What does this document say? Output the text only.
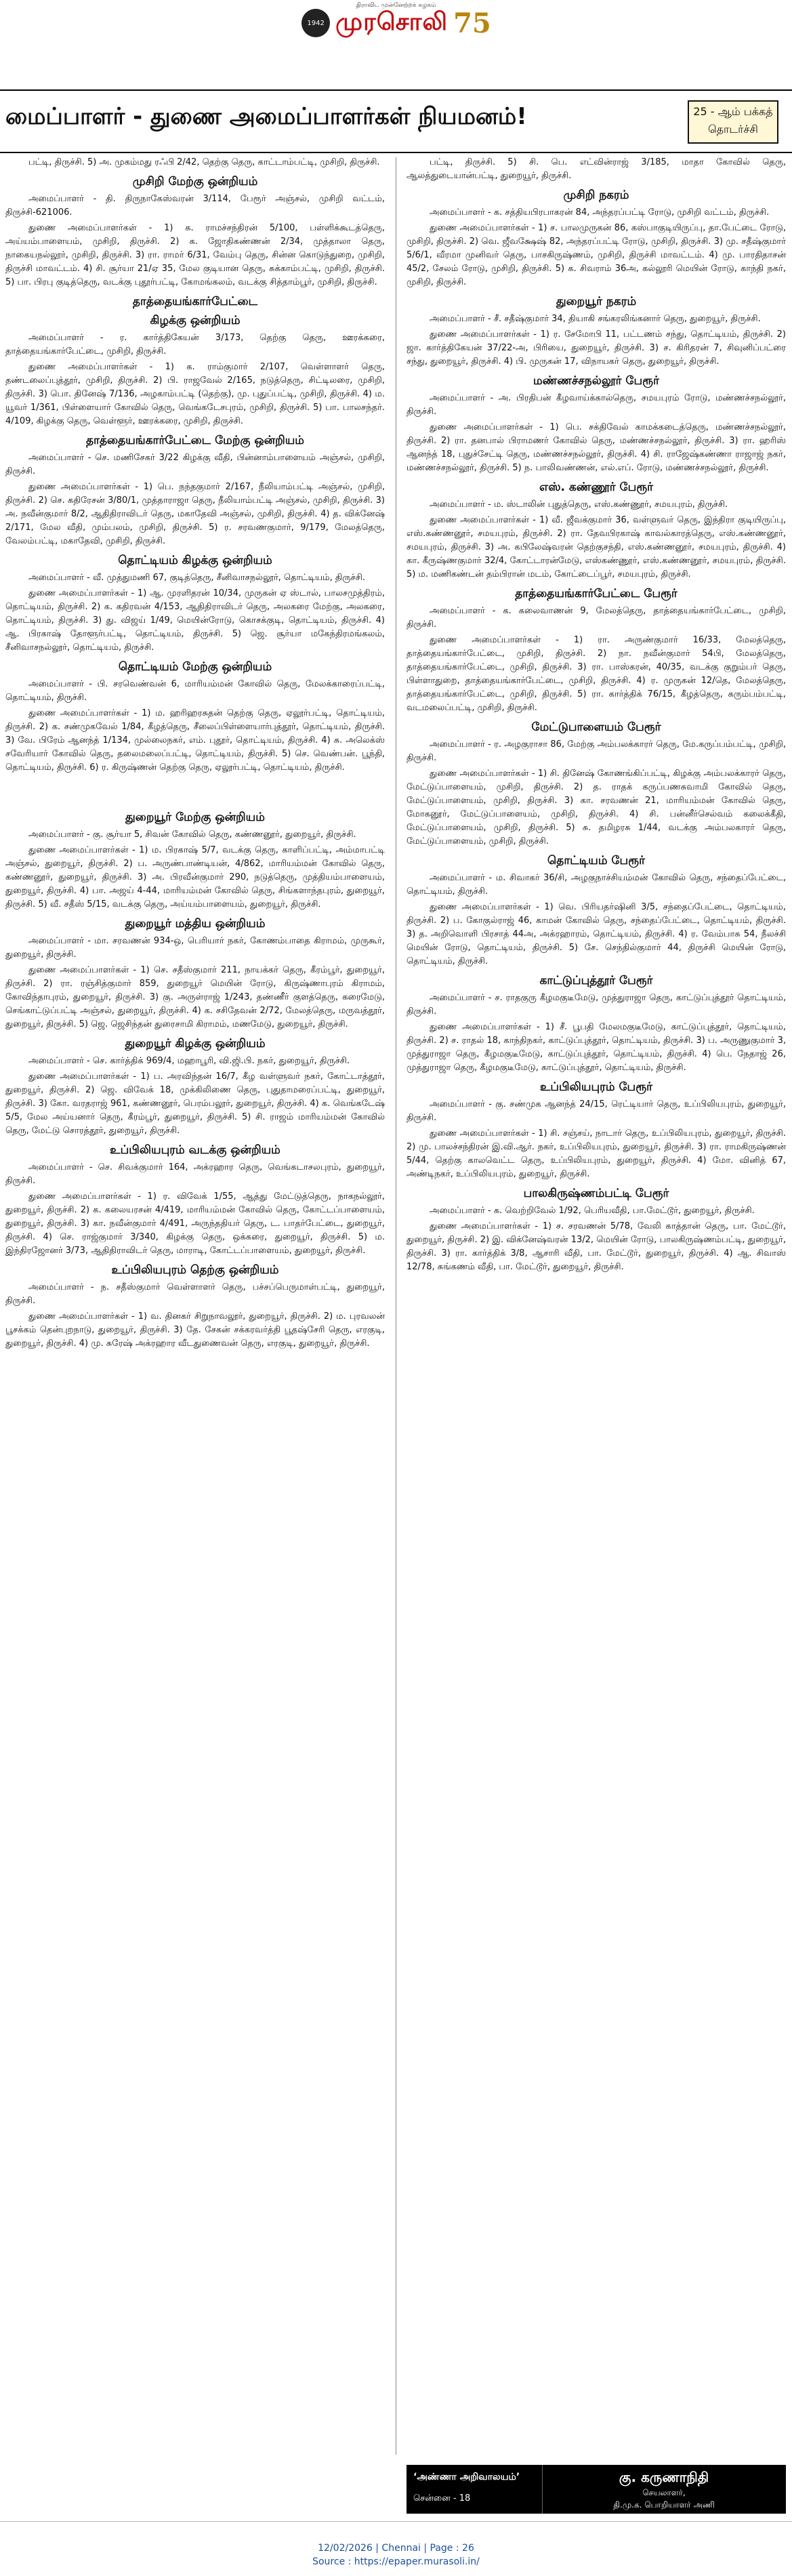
திராவிட முன்னேற்றக் கழகம்
1942 முரசொலி 75
மைப்பாளர் - துணை அமைப்பாளர்கள் நியமனம்!	25 - ஆம் பக்கத்
தொடர்ச்சி

பட்டி, திருச்சி. 5) அ. முகம்மது ரஃபி 2/42, தெற்கு தெரு, காட்டாம்பட்டி, முசிறி, திருச்சி.

முசிறி மேற்கு ஒன்றியம்

அமைப்பாளர் - தி. திருநாகேஸ்வரன் 3/114, பேரூர் அஞ்சல், முசிறி வட்டம், திருச்சி-621006.

துணை அமைப்பாளர்கள் - 1) க. ராமச்சந்திரன் 5/100, பள்ளிக்கூடத்தெரு, அய்யம்பாளையம், முசிறி, திருச்சி. 2) க. ஜோதிகண்ணன் 2/34, முத்தாலா தெரு, நாகையநல்லூர், முசிறி, திருச்சி. 3) ரா. ராமர் 6/31, வேம்பு தெரு, சின்ன கொடுந்துறை, முசிறி, திருச்சி மாவட்டம். 4) சி. சூர்யா 21/ஏ 35, மேல குடியான தெரு, சுக்காம்பட்டி, முசிறி, திருச்சி. 5) பா. பிரபு குடித்தெரு, வடக்கு புதூர்பட்டி, கோமங்கலம், வடக்கு சித்தாம்பூர், முசிறி, திருச்சி.

தாத்தையங்கார்பேட்டை
கிழக்கு ஒன்றியம்

அமைப்பாளர் - ர. கார்த்திகேயன் 3/173, தெற்கு தெரு, ஊரக்கரை, தாத்தையங்கார்பேட்டை, முசிறி, திருச்சி.

துணை அமைப்பாளர்கள் - 1) க. ராம்குமார் 2/107, வெள்ளாளர் தெரு, தண்டலைப்புத்தூர், முசிறி, திருச்சி. 2) பி. ராஜவேல் 2/165, நடுத்தெரு, சிட்டிலரை, முசிறி, திருச்சி. 3) பொ. தினேஷ் 7/136, அழகாம்பட்டி (தெற்கு), மு. புதுப்பட்டி, முசிறி, திருச்சி. 4) ம. யூவர் 1/361, பிள்ளையார் கோவில் தெரு, வெங்கடேசபுரம், முசிறி, திருச்சி. 5) பா. பாலசந்தர். 4/109, கிழக்கு தெரு, வெள்ளூர், ஊரக்கரை, முசிறி, திருச்சி.

தாத்தையங்கார்பேட்டை மேற்கு ஒன்றியம்

அமைப்பாளர் - செ. மணிசேகர் 3/22 கிழக்கு வீதி, பின்னாம்பாளையம் அஞ்சல், முசிறி, திருச்சி.

துணை அமைப்பாளர்கள் - 1) பெ. நந்தகுமார் 2/167, நீலியாம்பட்டி அஞ்சல், முசிறி, திருச்சி. 2) செ. கதிரேசன் 3/80/1, முத்தாராஜா தெரு, நீலியாம்பட்டி அஞ்சல், முசிறி, திருச்சி. 3) அ. நவீன்குமார் 8/2, ஆதிதிராவிடர் தெரு, மகாதேவி அஞ்சல், முசிறி, திருச்சி. 4) த. விக்னேஷ் 2/171, மேல வீதி, மும்பலம், முசிறி, திருச்சி. 5) ர. சரவணகுமார், 9/179, மேலத்தெரு, வேலம்பட்டி, மகாதேவி, முசிறி, திருச்சி.

தொட்டியம் கிழக்கு ஒன்றியம்

அமைப்பாளர் - வீ. முத்துமணி 67, குடித்தெரு, சீனிவாசநல்லூர், தொட்டியம், திருச்சி.

துணை அமைப்பாளர்கள் - 1) ஆ. முரளிதரன் 10/34, முருகன் ஏ ஸ்டால், பாலசமுத்திரம், தொட்டியம், திருச்சி. 2) க. கதிரவன் 4/153, ஆதிதிராவிடர் தெரு, அலகரை மேற்கு, அலகரை, தொட்டியம், திருச்சி. 3) து. விஜய் 1/49, மெயின்ரோடு, கொசக்குடி, தொட்டியம், திருச்சி. 4) ஆ. பிரகாஷ் தோளூர்பட்டி, தொட்டியம், திருச்சி. 5) ஜெ. சூர்யா மகேந்திரமங்கலம், சீனிவாசநல்லூர், தொட்டியம், திருச்சி.

தொட்டியம் மேற்கு ஒன்றியம்

அமைப்பாளர் - பி. சரவெண்வன் 6, மாரியம்மன் கோவில் தெரு, மேலக்காரைப்பட்டி, தொட்டியம், திருச்சி.

துணை அமைப்பாளர்கள் - 1) ம. ஹரிஹரசுதன் தெற்கு தெரு, ஏலூர்பட்டி, தொட்டியம், திருச்சி. 2) க. சண்முகவேல் 1/84, கீழத்தெரு, சீலைப்பிள்ளையார்புத்தூர், தொட்டியம், திருச்சி. 3) வே. பிரேம் ஆனந்த் 1/134, முல்லைநகர், எம். புதூர், தொட்டியம், திருச்சி. 4) சு. அலெக்ஸ் சவேரியார் கோவில் தெரு, தலைமலைப்பட்டி, தொட்டியம், திருச்சி. 5) செ. வெண்பன். பூந்தி, தொட்டியம், திருச்சி. 6) ர. கிருஷ்ணன் தெற்கு தெரு, ஏலூர்பட்டி, தொட்டியம், திருச்சி.

துறையூர் மேற்கு ஒன்றியம்

அமைப்பாளர் - கு. சூர்யா 5, சிவன் கோவில் தெரு, கண்ணனூர், துறையூர், திருச்சி.

துணை அமைப்பாளர்கள் - 1) ம. பிரகாஷ் 5/7, வடக்கு தெரு, காளிப்பட்டி, அம்மாபட்டி அஞ்சல், துறையூர், திருச்சி. 2) ப. அருண்பாண்டியன், 4/862, மாரியம்மன் கோவில் தெரு, கண்ணனூர், துறையூர், திருச்சி. 3) அ. பிரவீன்குமார் 290, நடுத்தெரு, முத்தியம்பாளையம், துறையூர், திருச்சி. 4) பா. அஜய் 4-44, மாரியம்மன் கோவில் தெரு, சிங்களாந்தபுரம், துறையூர், திருச்சி. 5) வீ. சதீஸ் 5/15, வடக்கு தெரு, அய்யம்பாளையம், துறையூர், திருச்சி.

துறையூர் மத்திய ஒன்றியம்

அமைப்பாளர் - மா. சரவணன் 934-ஒ, பெரியார் நகர், கோணம்பாதை கிராமம், முருகூர், துறையூர், திருச்சி.

துணை அமைப்பாளர்கள் - 1) செ. சதீஸ்குமார் 211, நாயக்கர் தெரு, கீரம்பூர், துறையூர், திருச்சி. 2) ரா. ரஞ்சித்குமார் 859, துறையூர் மெயின் ரோடு, கிருஷ்ணாபுரம் கிராமம், கோவிந்தாபுரம், துறையூர், திருச்சி. 3) கு. அருள்ராஜ் 1/243, தண்ணீர் குளத்தெரு, கரைமேடு, செங்காட்டுப்பட்டி அஞ்சல், துறையூர், திருச்சி. 4) க. சசிதேவன் 2/72, மேலத்தெரு, மருவத்தூர், துறையூர், திருச்சி. 5) ஜெ. ஜெசிந்தன் துரைசாமி கிராமம், மணமேடு, துறையூர், திருச்சி.

துறையூர் கிழக்கு ஒன்றியம்

அமைப்பாளர் - செ. கார்த்திக் 969/4, மஹாபூரி, வி.ஜி.பி. நகர், துறையூர், திருச்சி.

துணை அமைப்பாளர்கள் - 1) ப. அரவிந்தன் 16/7, கீழ வள்ளுவர் நகர், கோட்டாத்தூர், துறையூர், திருச்சி. 2) ஜெ. விவேக் 18, முக்கிலிணை தெரு, புதுதாமரைப்பட்டி, துறையூர், திருச்சி. 3) கோ. வரதராஜ் 961, கண்ணனூர், பெரம்பலூர், துறையூர், திருச்சி. 4) க. வெங்கடேஷ் 5/5, மேல அய்யனார் தெரு, கீரம்பூர், துறையூர், திருச்சி. 5) சி. ராஜம் மாரியம்மன் கோவில் தெரு, மேட்டு சொரத்தூர், துறையூர், திருச்சி.

உப்பிலியபுரம் வடக்கு ஒன்றியம்

அமைப்பாளர் - செ. சிவக்குமார் 164, அக்ரஹார தெரு, வெங்கடாசலபுரம், துறையூர், திருச்சி.

துணை அமைப்பாளர்கள் - 1) ர. விவேக் 1/55, ஆத்து மேட்டுத்தெரு, நாகநல்லூர், துறையூர், திருச்சி. 2) க. கலையரசன் 4/419, மாரியம்மன் கோவில் தெரு, கோட்டப்பாளையம், துறையூர், திருச்சி. 3) கா. நவீன்குமார் 4/491, அருந்ததியர் தெரு, ட. பாதர்பேட்டை, துறையூர், திருச்சி. 4) செ. ராஜ்குமார் 3/340, கிழக்கு தெரு, ஒக்கரை, துறையூர், திருச்சி. 5) ம. இந்திரஜோனர் 3/73, ஆதிதிராவிடர் தெரு, மாராடி, கோட்டப்பாளையம், துறையூர், திருச்சி.

உப்பிலியபுரம் தெற்கு ஒன்றியம்

அமைப்பாளர் - ந. சதீஸ்குமார் வெள்ளாளர் தெரு, பச்சப்பெருமாள்பட்டி, துறையூர், திருச்சி.

துணை அமைப்பாளர்கள் - 1) வ. தினகர் சிறுநாவலூர், துறையூர், திருச்சி. 2) ம. புரவலன் பூசக்கம் தென்புறநாடு, துறையூர், திருச்சி. 3) தே. சேகன் சக்கரவர்த்தி பூதஷ்சேரி தெரு, எரகுடி, துறையூர், திருச்சி. 4) மு. சுரேஷ் அக்ரஹார வீடதுணைவன் தெரு, எரகுடி, துறையூர், திருச்சி.

பட்டி, திருச்சி. 5) சி. பெ. எட்வின்ராஜ் 3/185, மாதா கோவில் தெரு, ஆலத்துடையான்பட்டி, துறையூர், திருச்சி.

முசிறி நகரம்

அமைப்பாளர் - க. சத்தியபிரபாகரன் 84, அந்தரப்பட்டி ரோடு, முசிறி வட்டம், திருச்சி.

துணை அமைப்பாளர்கள் - 1) ச. பாலமுருகன் 86, கஸ்பாகுடியிருப்பு, தா.பேட்டை ரோடு, முசிறி, திருச்சி. 2) வெ. ஜீவக்ஷேஷ் 82, அந்தரப்பட்டி ரோடு, முசிறி, திருச்சி. 3) மு. சதீஷ்குமார் 5/6/1, வீரமா முனிவர் தெரு, பாசகிருஷ்ணம், முசிறி, திருச்சி மாவட்டம். 4) மு. பாரதிதாசன் 45/2, சேலம் ரோடு, முசிறி, திருச்சி. 5) க. சிவராம் 36அ, கல்லூரி மெயின் ரோடு, காந்தி நகர், முசிறி, திருச்சி.

துறையூர் நகரம்

அமைப்பாளர் - சீ. சதீஷ்குமார் 34, தியாகி சங்கரலிங்கனார் தெரு, துறையூர், திருச்சி.

துணை அமைப்பாளர்கள் - 1) ர. சேமோபி 11, பட்டணம் சந்து, தொட்டியம், திருச்சி. 2) ஜா. கார்த்திகேயன் 37/22-அ, பிரியை, துறையூர், திருச்சி. 3) ச. கிரிதரன் 7, சிவுனிப்பட்ரை சந்து, துறையூர், திருச்சி. 4) பி. முருகன் 17, விநாயகர் தெரு, துறையூர், திருச்சி.

மண்ணச்சநல்லூர் பேரூர்

அமைப்பாளர் - அ. பிரதிபன் கீழவாய்க்கால்தெரு, சமயபுரம் ரோடு, மண்ணச்சநல்லூர், திருச்சி.

துணை அமைப்பாளர்கள் - 1) பெ. சக்திவேல் காமக்கடைத்தெரு, மண்ணச்சநல்லூர், திருச்சி. 2) ரா. தனபால் பிராமணர் கோவில் தெரு, மண்ணச்சநல்லூர், திருச்சி. 3) ரா. ஹரிஸ் ஆனந்த் 18, புதுச்சேட்டி தெரு, மண்ணச்சநல்லூர், திருச்சி. 4) சி. ராஜேஷ்கண்ணா ராஜாஜ் நகர், மண்ணச்சநல்லூர், திருச்சி. 5) ந. பாலிவண்ணன், எல்.எப். ரோடு, மண்ணச்சநல்லூர், திருச்சி.

எஸ். கண்ணூர் பேரூர்

அமைப்பாளர் - ம. ஸ்டாலின் புதுத்தெரு, எஸ்.கண்ணூர், சமயபுரம், திருச்சி.

துணை அமைப்பாளர்கள் - 1) வீ. ஜீவக்குமார் 36, வள்ளுவர் தெரு, இந்திரா குடியிருப்பு, எஸ்.கண்ணனூர், சமயபுரம், திருச்சி. 2) ரா. தேவபிரகாஷ் காவல்காரத்தெரு, எஸ்.கண்ணனூர், சமயபுரம், திருச்சி. 3) அ. கபிலேஷ்வரன் தெற்குசந்தி, எஸ்.கண்ணனூர், சமயபுரம், திருச்சி. 4) கா. கீருஷ்ணகுமார் 32/4, கோட்டாரன்மேடு, எஸ்கண்ணூர், எஸ்.கண்ணனூர், சமயபுரம், திருச்சி. 5) ம. மணிகண்டன் தம்பிரான் மடம், கோட்டைப்பூர், சமயபுரம், திருச்சி.

தாத்தையங்கார்பேட்டை பேரூர்

அமைப்பாளர் - க. கலைவாணன் 9, மேலத்தெரு, தாத்தையங்கார்பேட்டை, முசிறி, திருச்சி.

துணை அமைப்பாளர்கள் - 1) ரா. அருண்குமார் 16/33, மேலத்தெரு, தாத்தையங்கார்பேட்டை, முசிறி, திருச்சி. 2) நா. நவீன்குமார் 54பி, மேலத்தெரு, தாத்தையங்கார்பேட்டை, முசிறி, திருச்சி. 3) ரா. பாஸ்கரன், 40/35, வடக்கு குறும்பர் தெரு, பிள்ளாதுறை, தாத்தையங்கார்பேட்டை, முசிறி, திருச்சி. 4) ர. முருகன் 12/தெ, மேலத்தெரு, தாத்தையங்கார்பேட்டை, முசிறி, திருச்சி. 5) ரா. கார்த்திக் 76/15, கீழத்தெரு, கரும்பம்பட்டி, வடமலைப்பட்டி, முசிறி, திருச்சி.

மேட்டுபாளையம் பேரூர்

அமைப்பாளர் - ர. அழகுராசா 86, மேற்கு அம்பலக்காரர் தெரு, மே.கருப்பம்பட்டி, முசிறி, திருச்சி.

துணை அமைப்பாளர்கள் - 1) சி. தினேஷ் கோணங்கிப்பட்டி, கிழக்கு அம்பலக்காரர் தெரு, மேட்டுப்பாளையம், முசிறி, திருச்சி. 2) த. ராதக் கருப்பணசுவாமி கோவில் தெரு, மேட்டுப்பாளையம், முசிறி, திருச்சி. 3) கா. சரவணன் 21, மாரியம்மன் கோவில் தெரு, மோகனூர், மேட்டுப்பாளையம், முசிறி, திருச்சி. 4) சி. பன்னீர்செல்வம் கலைக்கீதி, மேட்டுப்பாளையம், முசிறி, திருச்சி. 5) சு. தமிழரசு 1/44, வடக்கு அம்பலகாரர் தெரு, மேட்டுப்பாளையம், முசிறி, திருச்சி.

தொட்டியம் பேரூர்

அமைப்பாளர் - ம. சிவாகர் 36/சி, அழகுநாச்சியம்மன் கோவில் தெரு, சந்தைப்பேட்டை, தொட்டியம், திருச்சி.

துணை அமைப்பாளர்கள் - 1) வெ. பிரியதர்ஷினி 3/5, சந்தைப்பேட்டை, தொட்டியம், திருச்சி. 2) ப. கோகுல்ராஜ் 46, காமன் கோவில் தெரு, சந்தைப்பேட்டை, தொட்டியம், திருச்சி. 3) த. அறிவொளி பிரசாத் 44அ, அக்ரஹாரம், தொட்டியம், திருச்சி. 4) ர. வேம்பாசு 54, நீலச்சி மெயின் ரோடு, தொட்டியம், திருச்சி. 5) சே. செந்தில்குமார் 44, திருச்சி மெயின் ரோடு, தொட்டியம், திருச்சி.

காட்டுப்புத்தூர் பேரூர்

அமைப்பாளர் - ச. ராதகுரு கீழமகுடீமேடு, முத்துராஜா தெரு, காட்டுப்புத்தூர் தொட்டியம், திருச்சி.

துணை அமைப்பாளர்கள் - 1) சீ. பூபதி மேலமகுடீமேடு, காட்டுப்புத்தூர், தொட்டியம், திருச்சி. 2) ச. ராதல் 18, காந்திநகர், காட்டுப்புத்தூர், தொட்டியம், திருச்சி. 3) ப. அருணுகுமார் 3, முத்துராஜா தெரு, கீழமகுடீமேடு, காட்டுப்புத்தூர், தொட்டியம், திருச்சி. 4) பெ. நேதாஜ் 26, முத்துராஜா தெரு, கீழமகுடீமேடு, காட்டுப்புத்தூர், தொட்டியம், திருச்சி.

உப்பிலியபுரம் பேரூர்

அமைப்பாளர் - கு. சண்முக ஆனந்த் 24/15, ரெட்டியார் தெரு, உப்பிலியபுரம், துறையூர், திருச்சி.

துணை அமைப்பாளர்கள் - 1) சி. சஞ்சய், நாடார் தெரு, உப்பிலியபுரம், துறையூர், திருச்சி. 2) மு. பாலச்சந்திரன் இ.வி.ஆர். நகர், உப்பிலியபுரம், துறையூர், திருச்சி. 3) ரா. ராமகிருஷ்ணன் 5/44, தெற்கு காலவெட்ட தெரு, உப்பிலியபுரம், துறையூர், திருச்சி. 4) மோ. வினித் 67, அண்டிநகர், உப்பிலியபுரம், துறையூர், திருச்சி.

பாலகிருஷ்ணம்பட்டி பேரூர்

அமைப்பாளர் - க. வெற்றிவேல் 1/92, பெரியவீதி, பா.மேட்டூர், துறையூர், திருச்சி.

துணை அமைப்பாளர்கள் - 1) ச. சரவணன் 5/78, வேலி காத்தான் தெரு, பா. மேட்டூர், துறையூர், திருச்சி. 2) இ. விக்னேஷ்வரன் 13/2, மெயின் ரோடு, பாலகிருஷ்ணம்பட்டி, துறையூர், திருச்சி. 3) ரா. கார்த்திக் 3/8, ஆசாரி வீதி, பா. மேட்டூர், துறையூர், திருச்சி. 4) ஆ. சிவாஸ் 12/78, சுங்கணம் வீதி, பா. மேட்டூர், துறையூர், திருச்சி.

‘அண்ணா அறிவாலயம்’
சென்னை - 18
கு. கருணாநிதி
செயலாளர்,
தி.மு.க. பொறியாளர் அணி
12/02/2026 | Chennai | Page : 26
Source : https://epaper.murasoli.in/
